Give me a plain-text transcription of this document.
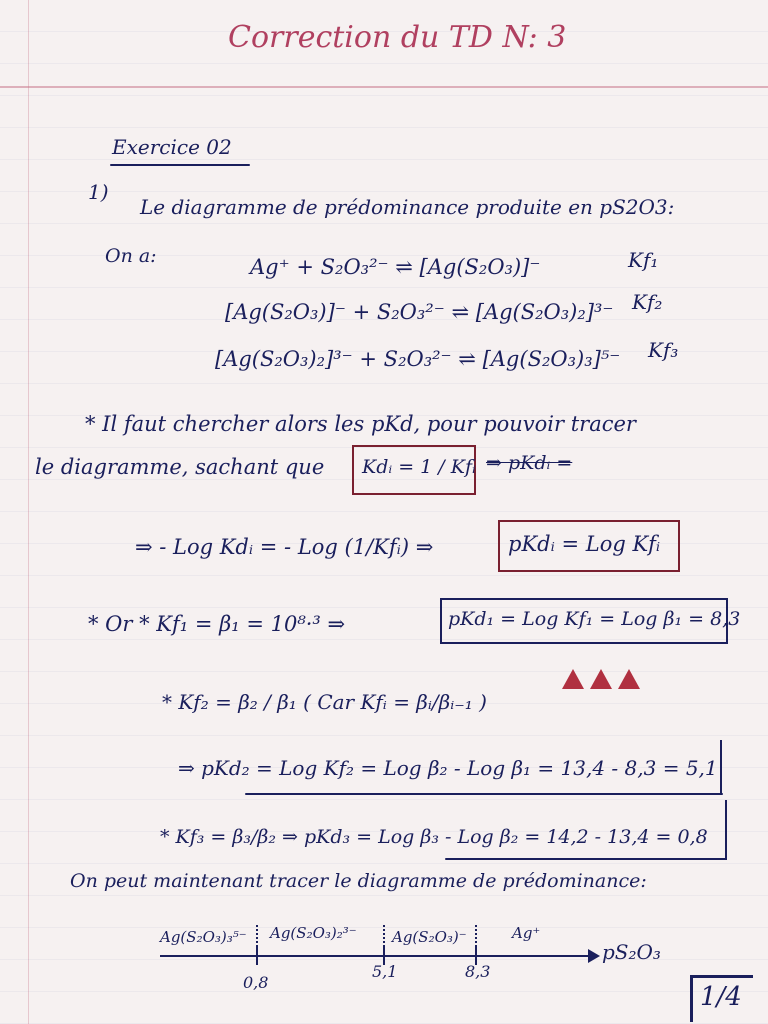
Correction du TD N: 3
Exercice 02
1)
Le diagramme de prédominance produite en pS2O3:
On a:	Ag⁺ + S₂O₃²⁻ ⇌ [Ag(S₂O₃)]⁻	Kf₁
[Ag(S₂O₃)]⁻ + S₂O₃²⁻ ⇌ [Ag(S₂O₃)₂]³⁻ Kf₂
[Ag(S₂O₃)₂]³⁻ + S₂O₃²⁻ ⇌ [Ag(S₂O₃)₃]⁵⁻ Kf₃
* Il faut chercher alors les pKd, pour pouvoir tracer
le diagramme, sachant que Kdᵢ = 1 / Kfᵢ ⇒ pKdᵢ =
⇒ - Log Kdᵢ = - Log (1/Kfᵢ) ⇒	pKdᵢ = Log Kfᵢ
* Or * Kf₁ = β₁ = 10⁸·³ ⇒	pKd₁ = Log Kf₁ = Log β₁ = 8,3
* Kf₂ = β₂ / β₁ ( Car Kfᵢ = βᵢ/βᵢ₋₁ )
⇒ pKd₂ = Log Kf₂ = Log β₂ - Log β₁ = 13,4 - 8,3 = 5,1
* Kf₃ = β₃/β₂ ⇒ pKd₃ = Log β₃ - Log β₂ = 14,2 - 13,4 = 0,8
On peut maintenant tracer le diagramme de prédominance:
Ag(S₂O₃)₃⁵⁻ Ag(S₂O₃)₂³⁻ Ag(S₂O₃)⁻	Ag⁺
pS₂O₃
0,8
5,1	8,3
1/4
